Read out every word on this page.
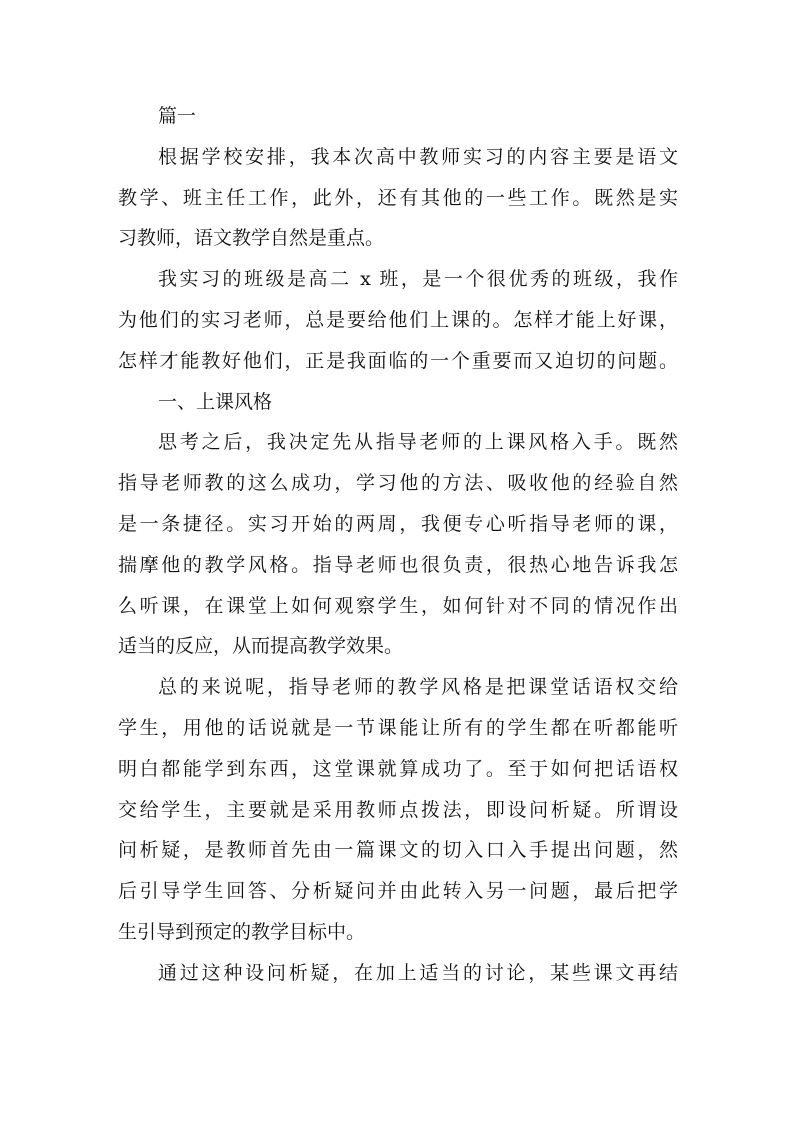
篇一
根据学校安排，我本次高中教师实习的内容主要是语文
教学、班主任工作，此外，还有其他的一些工作。既然是实
习教师，语文教学自然是重点。
我实习的班级是高二 x 班，是一个很优秀的班级，我作
为他们的实习老师，总是要给他们上课的。怎样才能上好课，
怎样才能教好他们，正是我面临的一个重要而又迫切的问题。
一、上课风格
思考之后，我决定先从指导老师的上课风格入手。既然
指导老师教的这么成功，学习他的方法、吸收他的经验自然
是一条捷径。实习开始的两周，我便专心听指导老师的课，
揣摩他的教学风格。指导老师也很负责，很热心地告诉我怎
么听课，在课堂上如何观察学生，如何针对不同的情况作出
适当的反应，从而提高教学效果。
总的来说呢，指导老师的教学风格是把课堂话语权交给
学生，用他的话说就是一节课能让所有的学生都在听都能听
明白都能学到东西，这堂课就算成功了。至于如何把话语权
交给学生，主要就是采用教师点拨法，即设问析疑。所谓设
问析疑，是教师首先由一篇课文的切入口入手提出问题，然
后引导学生回答、分析疑问并由此转入另一问题，最后把学
生引导到预定的教学目标中。
通过这种设问析疑，在加上适当的讨论，某些课文再结
